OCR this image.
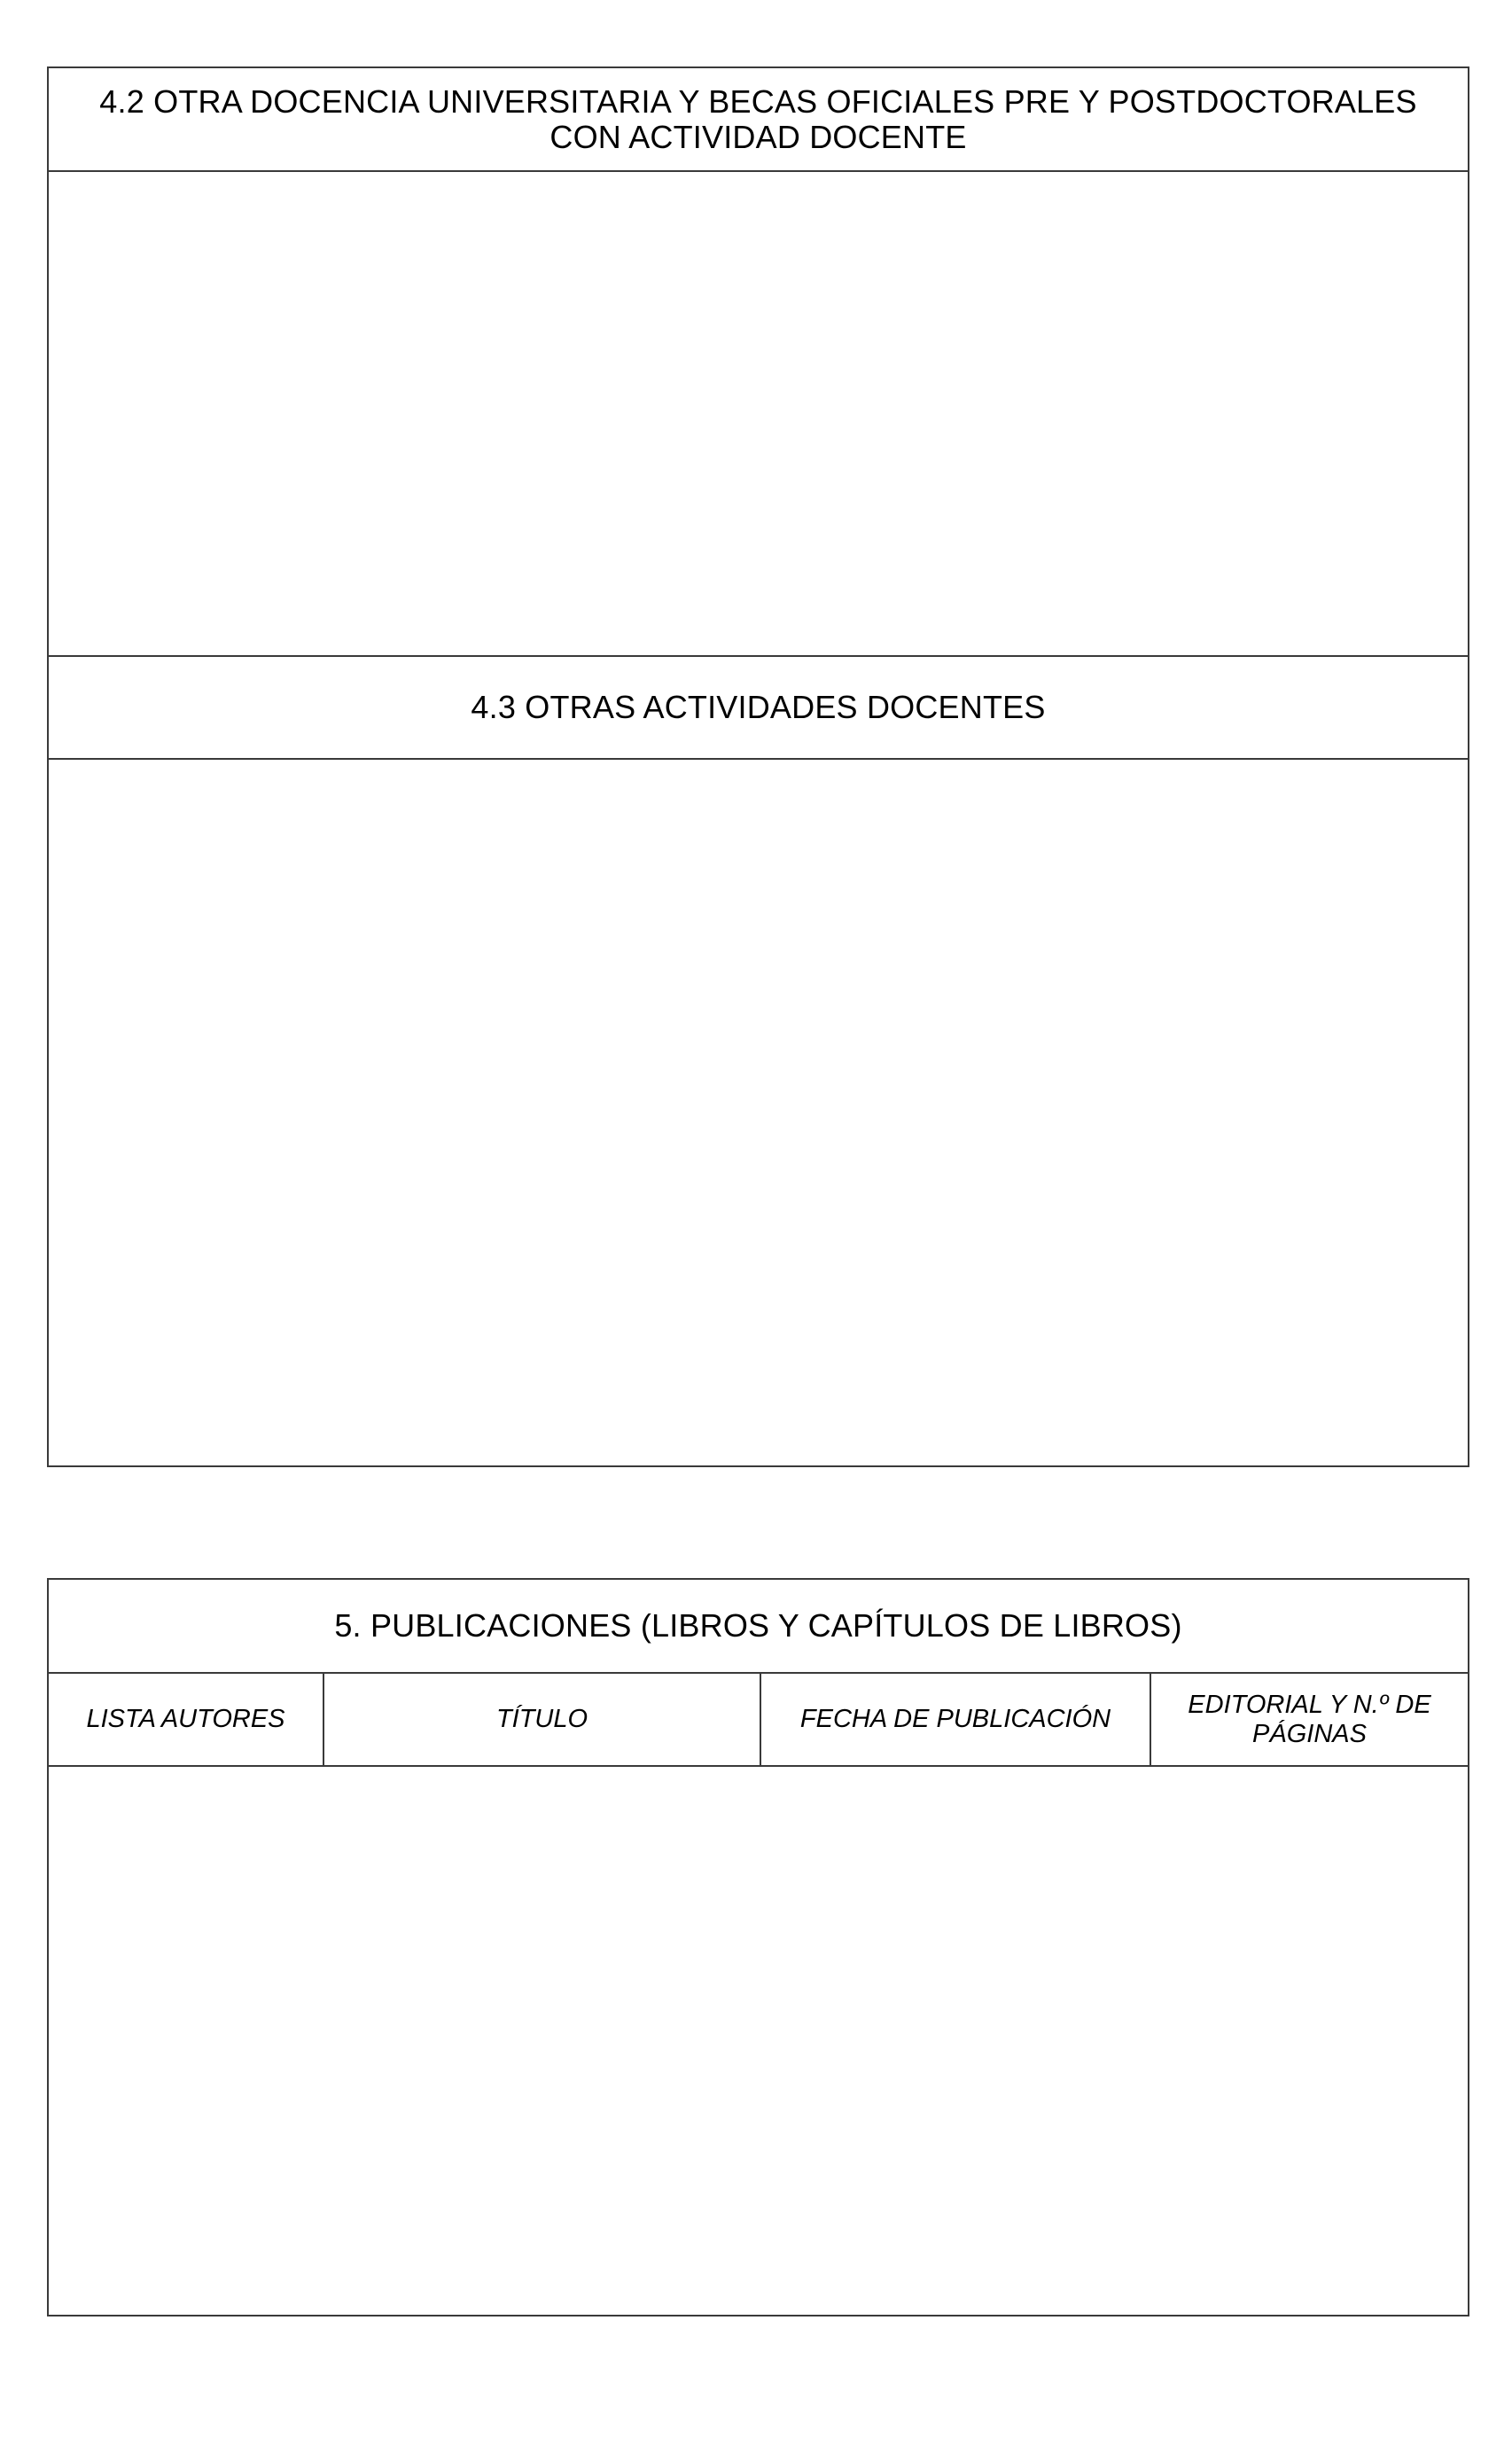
4.2 OTRA DOCENCIA UNIVERSITARIA Y BECAS OFICIALES PRE Y POSTDOCTORALES
CON ACTIVIDAD DOCENTE
4.3 OTRAS ACTIVIDADES DOCENTES
5. PUBLICACIONES (LIBROS Y CAPÍTULOS DE LIBROS)
LISTA AUTORES	TÍTULO	FECHA DE PUBLICACIÓN
EDITORIAL Y N.º DE PÁGINAS
